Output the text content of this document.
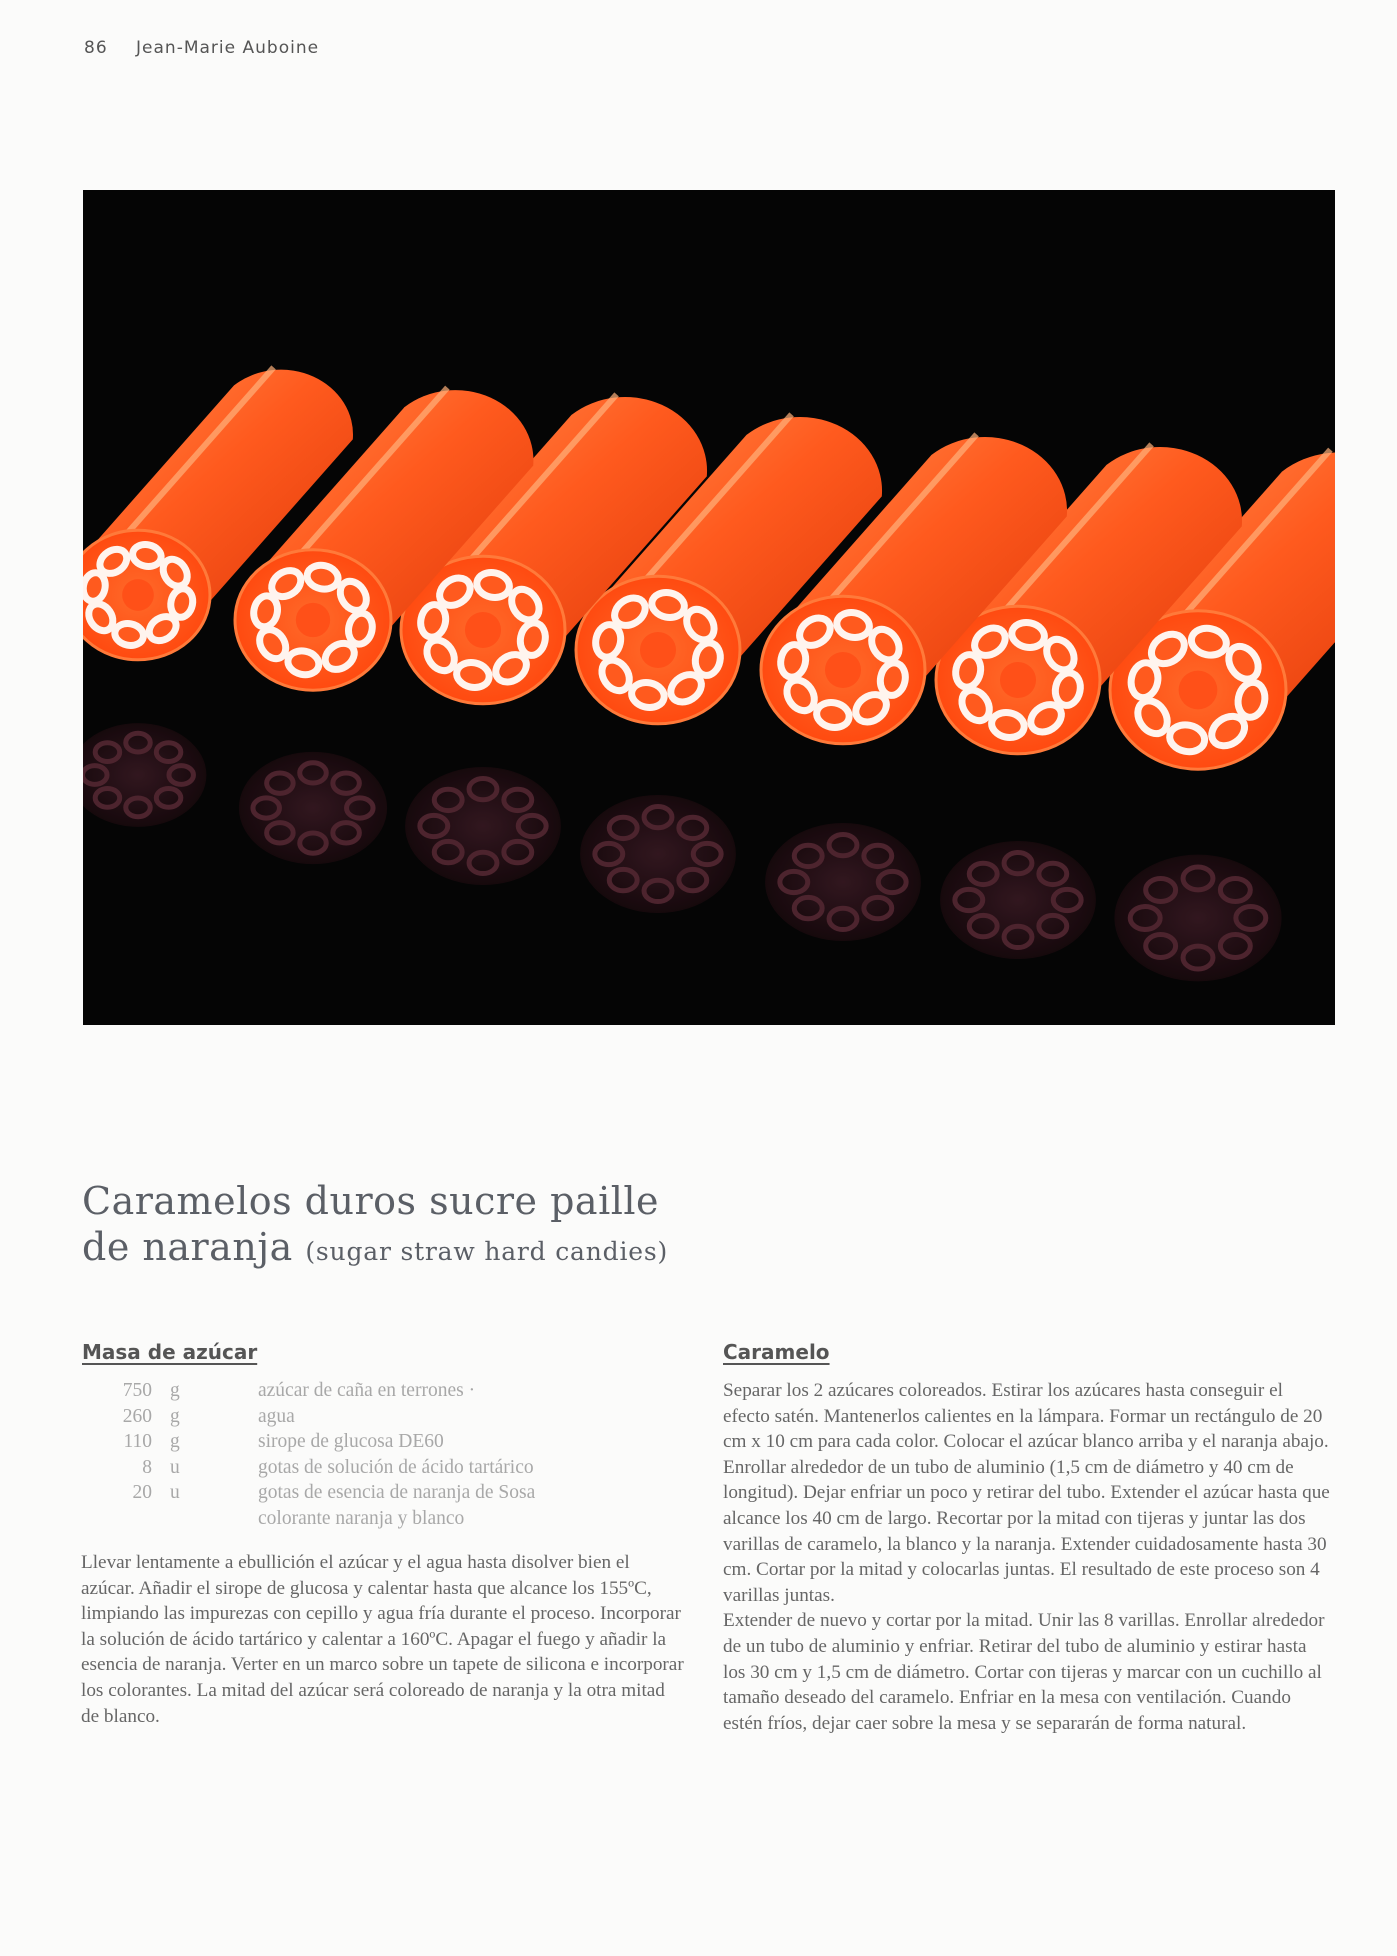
86 Jean-Marie Auboine
Caramelos duros sucre paille
de naranja (sugar straw hard candies)
Masa de azúcar
750	g	azúcar de caña en terrones ·
260	g	agua
110	g	sirope de glucosa DE60
8	u	gotas de solución de ácido tartárico
20	u	gotas de esencia de naranja de Sosa
		colorante naranja y blanco

Llevar lentamente a ebullición el azúcar y el agua hasta disolver bien el azúcar. Añadir el sirope de glucosa y calentar hasta que alcance los 155ºC, limpiando las impurezas con cepillo y agua fría durante el proceso. Incorporar la solución de ácido tartárico y calentar a 160ºC. Apagar el fuego y añadir la esencia de naranja. Verter en un marco sobre un tapete de silicona e incorporar los colorantes. La mitad del azúcar será coloreado de naranja y la otra mitad de blanco.

Caramelo

Separar los 2 azúcares coloreados. Estirar los azúcares hasta conseguir el efecto satén. Mantenerlos calientes en la lámpara. Formar un rectángulo de 20 cm x 10 cm para cada color. Colocar el azúcar blanco arriba y el naranja abajo. Enrollar alrededor de un tubo de aluminio (1,5 cm de diámetro y 40 cm de longitud). Dejar enfriar un poco y retirar del tubo. Extender el azúcar hasta que alcance los 40 cm de largo. Recortar por la mitad con tijeras y juntar las dos varillas de caramelo, la blanco y la naranja. Extender cuidadosamente hasta 30 cm. Cortar por la mitad y colocarlas juntas. El resultado de este proceso son 4 varillas juntas.

Extender de nuevo y cortar por la mitad. Unir las 8 varillas. Enrollar alrededor de un tubo de aluminio y enfriar. Retirar del tubo de aluminio y estirar hasta los 30 cm y 1,5 cm de diámetro. Cortar con tijeras y marcar con un cuchillo al tamaño deseado del caramelo. Enfriar en la mesa con ventilación. Cuando estén fríos, dejar caer sobre la mesa y se separarán de forma natural.
